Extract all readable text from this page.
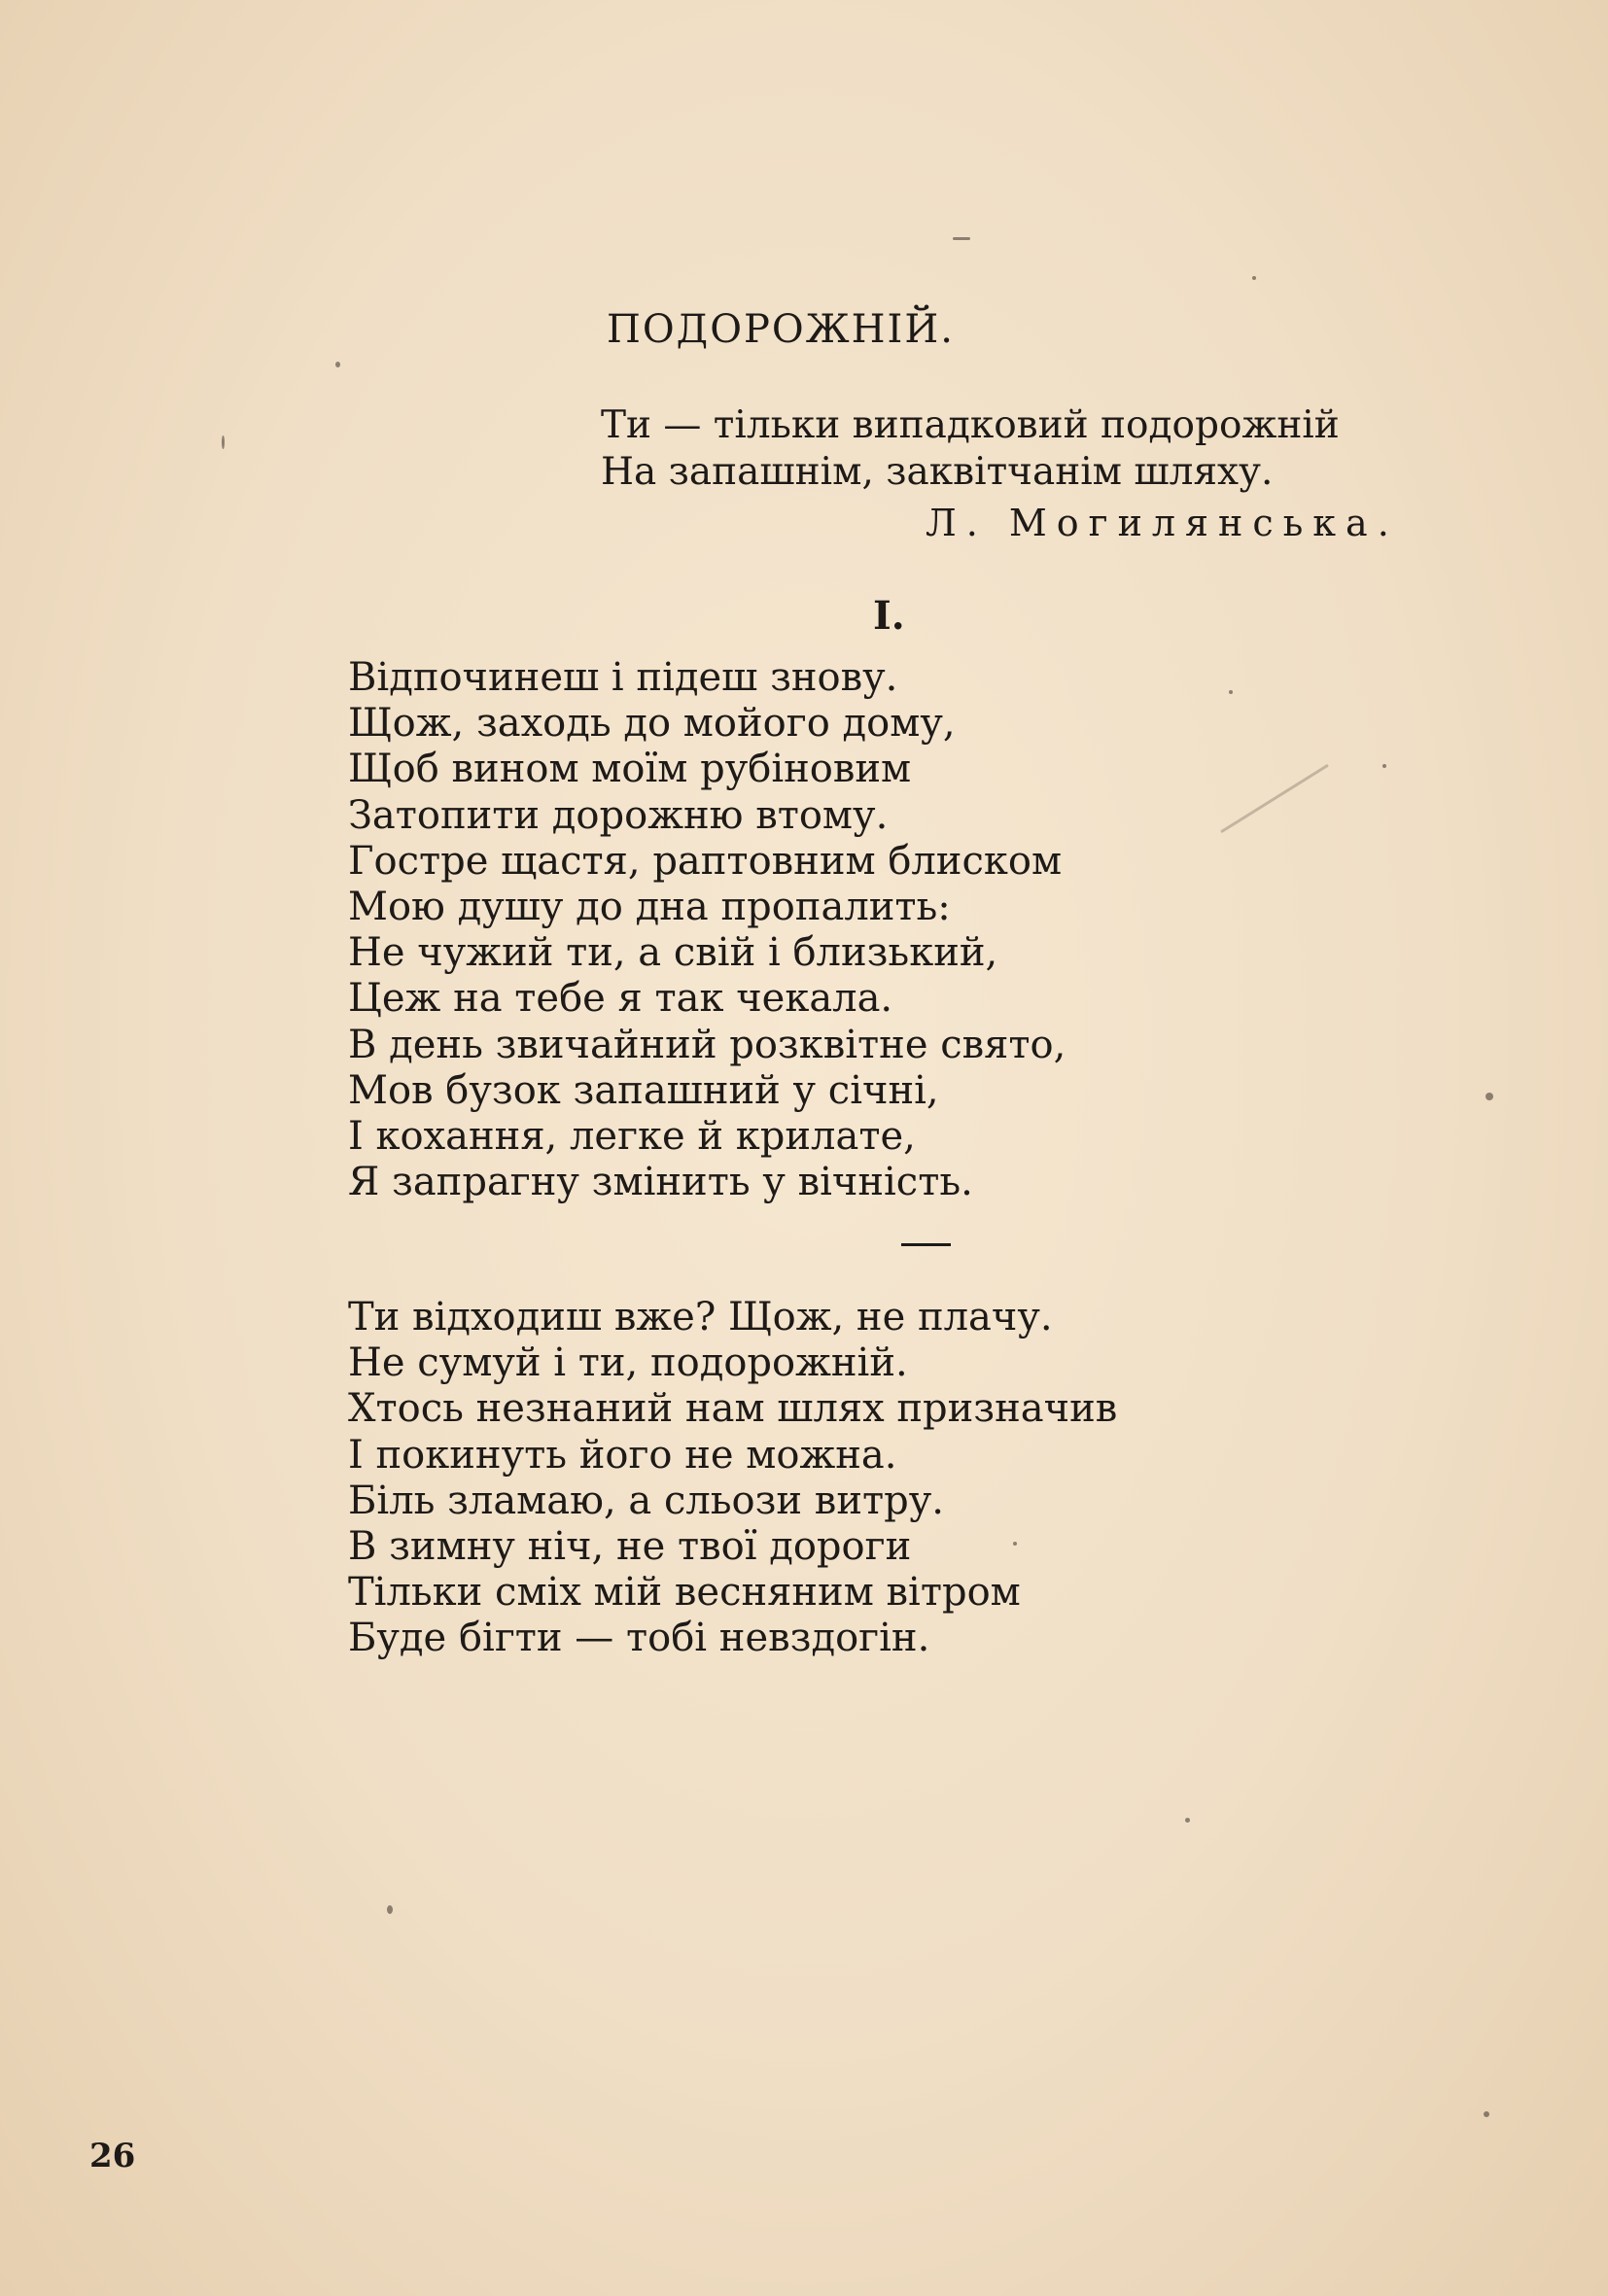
ПОДОРОЖНІЙ.
Ти — тільки випадковий подорожній
На запашнім, заквітчанім шляху.
Л. Могилянська.
I.
Відпочинеш і підеш знову.
Щож, заходь до мойого дому,
Щоб вином моїм рубіновим
Затопити дорожню втому.
Гостре щастя, раптовним блиском
Мою душу до дна пропалить:
Не чужий ти, а свій і близький,
Цеж на тебе я так чекала.
В день звичайний розквітне свято,
Мов бузок запашний у січні,
І кохання, легке й крилате,
Я запрагну змінить у вічність.
Ти відходиш вже? Щож, не плачу.
Не сумуй і ти, подорожній.
Хтось незнаний нам шлях призначив
І покинуть його не можна.
Біль зламаю, а сльози витру.
В зимну ніч, не твої дороги
Тільки сміх мій весняним вітром
Буде бігти — тобі невздогін.
26
